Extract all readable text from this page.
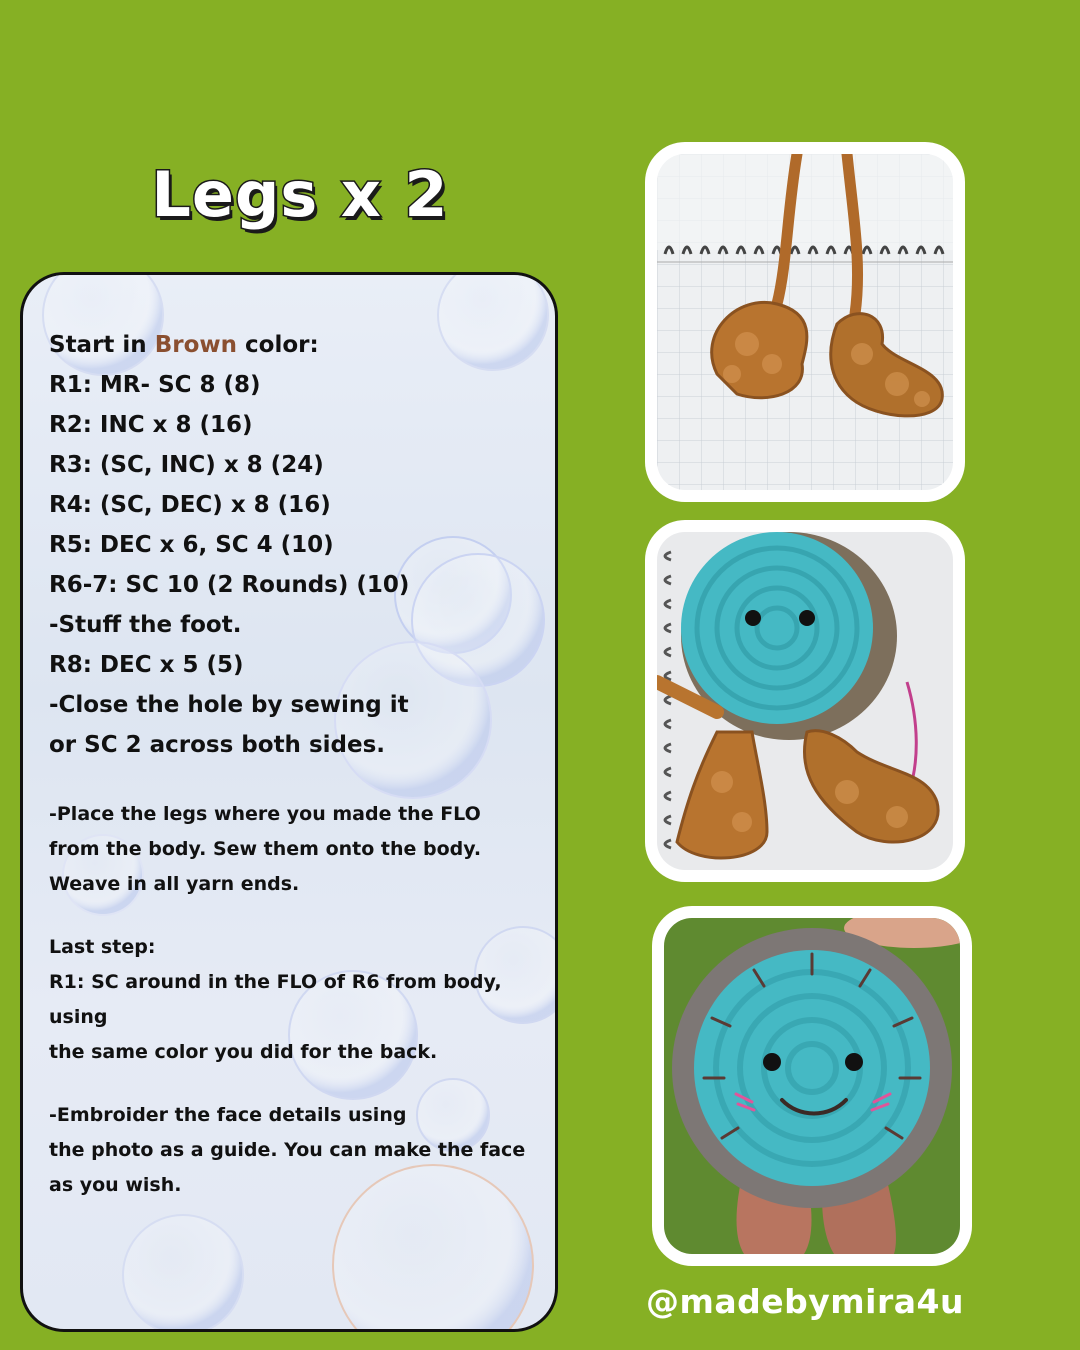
Legs x 2
Start in Brown color:
R1: MR- SC 8 (8)
R2: INC x 8 (16)
R3: (SC, INC) x 8 (24)
R4: (SC, DEC) x 8 (16)
R5: DEC x 6, SC 4 (10)
R6-7: SC 10 (2 Rounds) (10)
-Stuff the foot.
R8: DEC x 5 (5)
-Close the hole by sewing it
or SC 2 across both sides.
-Place the legs where you made the FLO
from the body. Sew them onto the body.
Weave in all yarn ends.
Last step:
R1: SC around in the FLO of R6 from body, using
the same color you did for the back.
-Embroider the face details using
the photo as a guide. You can make the face
as you wish.
@madebymira4u
